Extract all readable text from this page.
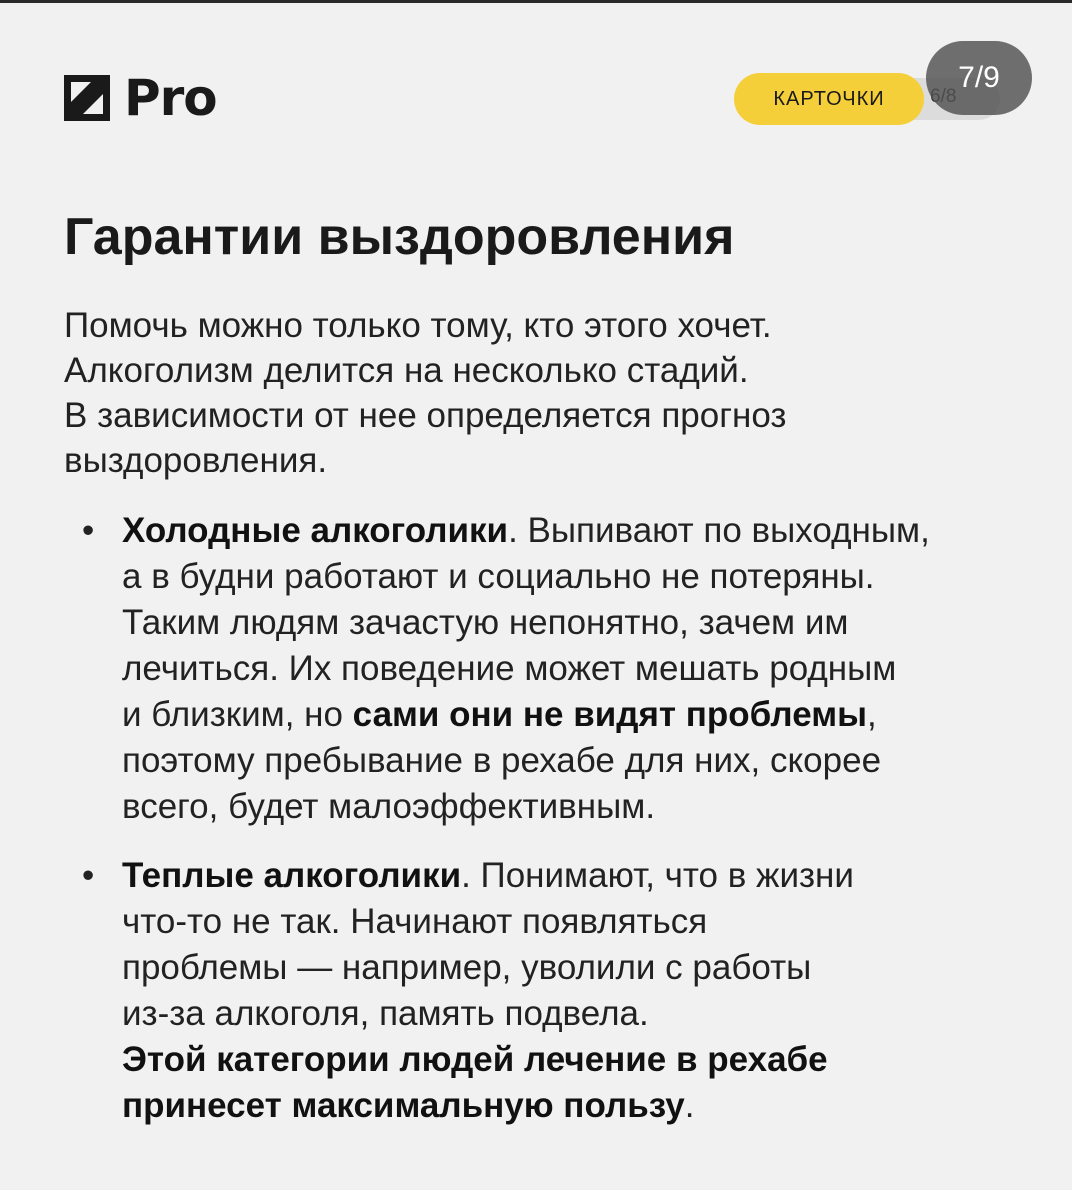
Pro	КАРТОЧКИ
7/9
Гарантии выздоровления
Помочь можно только тому, кто этого хочет.
Алкоголизм делится на несколько стадий.
В зависимости от нее определяется прогноз
выздоровления.
• Холодные алкоголики. Выпивают по выходным,
а в будни работают и социально не потеряны.
Таким людям зачастую непонятно, зачем им
лечиться. Их поведение может мешать родным
и близким, но сами они не видят проблемы,
поэтому пребывание в рехабе для них, скорее
всего, будет малоэффективным.
• Теплые алкоголики. Понимают, что в жизни
что-то не так. Начинают появляться
проблемы — например, уволили с работы
из-за алкоголя, память подвела.
Этой категории людей лечение в рехабе
принесет максимальную пользу.
